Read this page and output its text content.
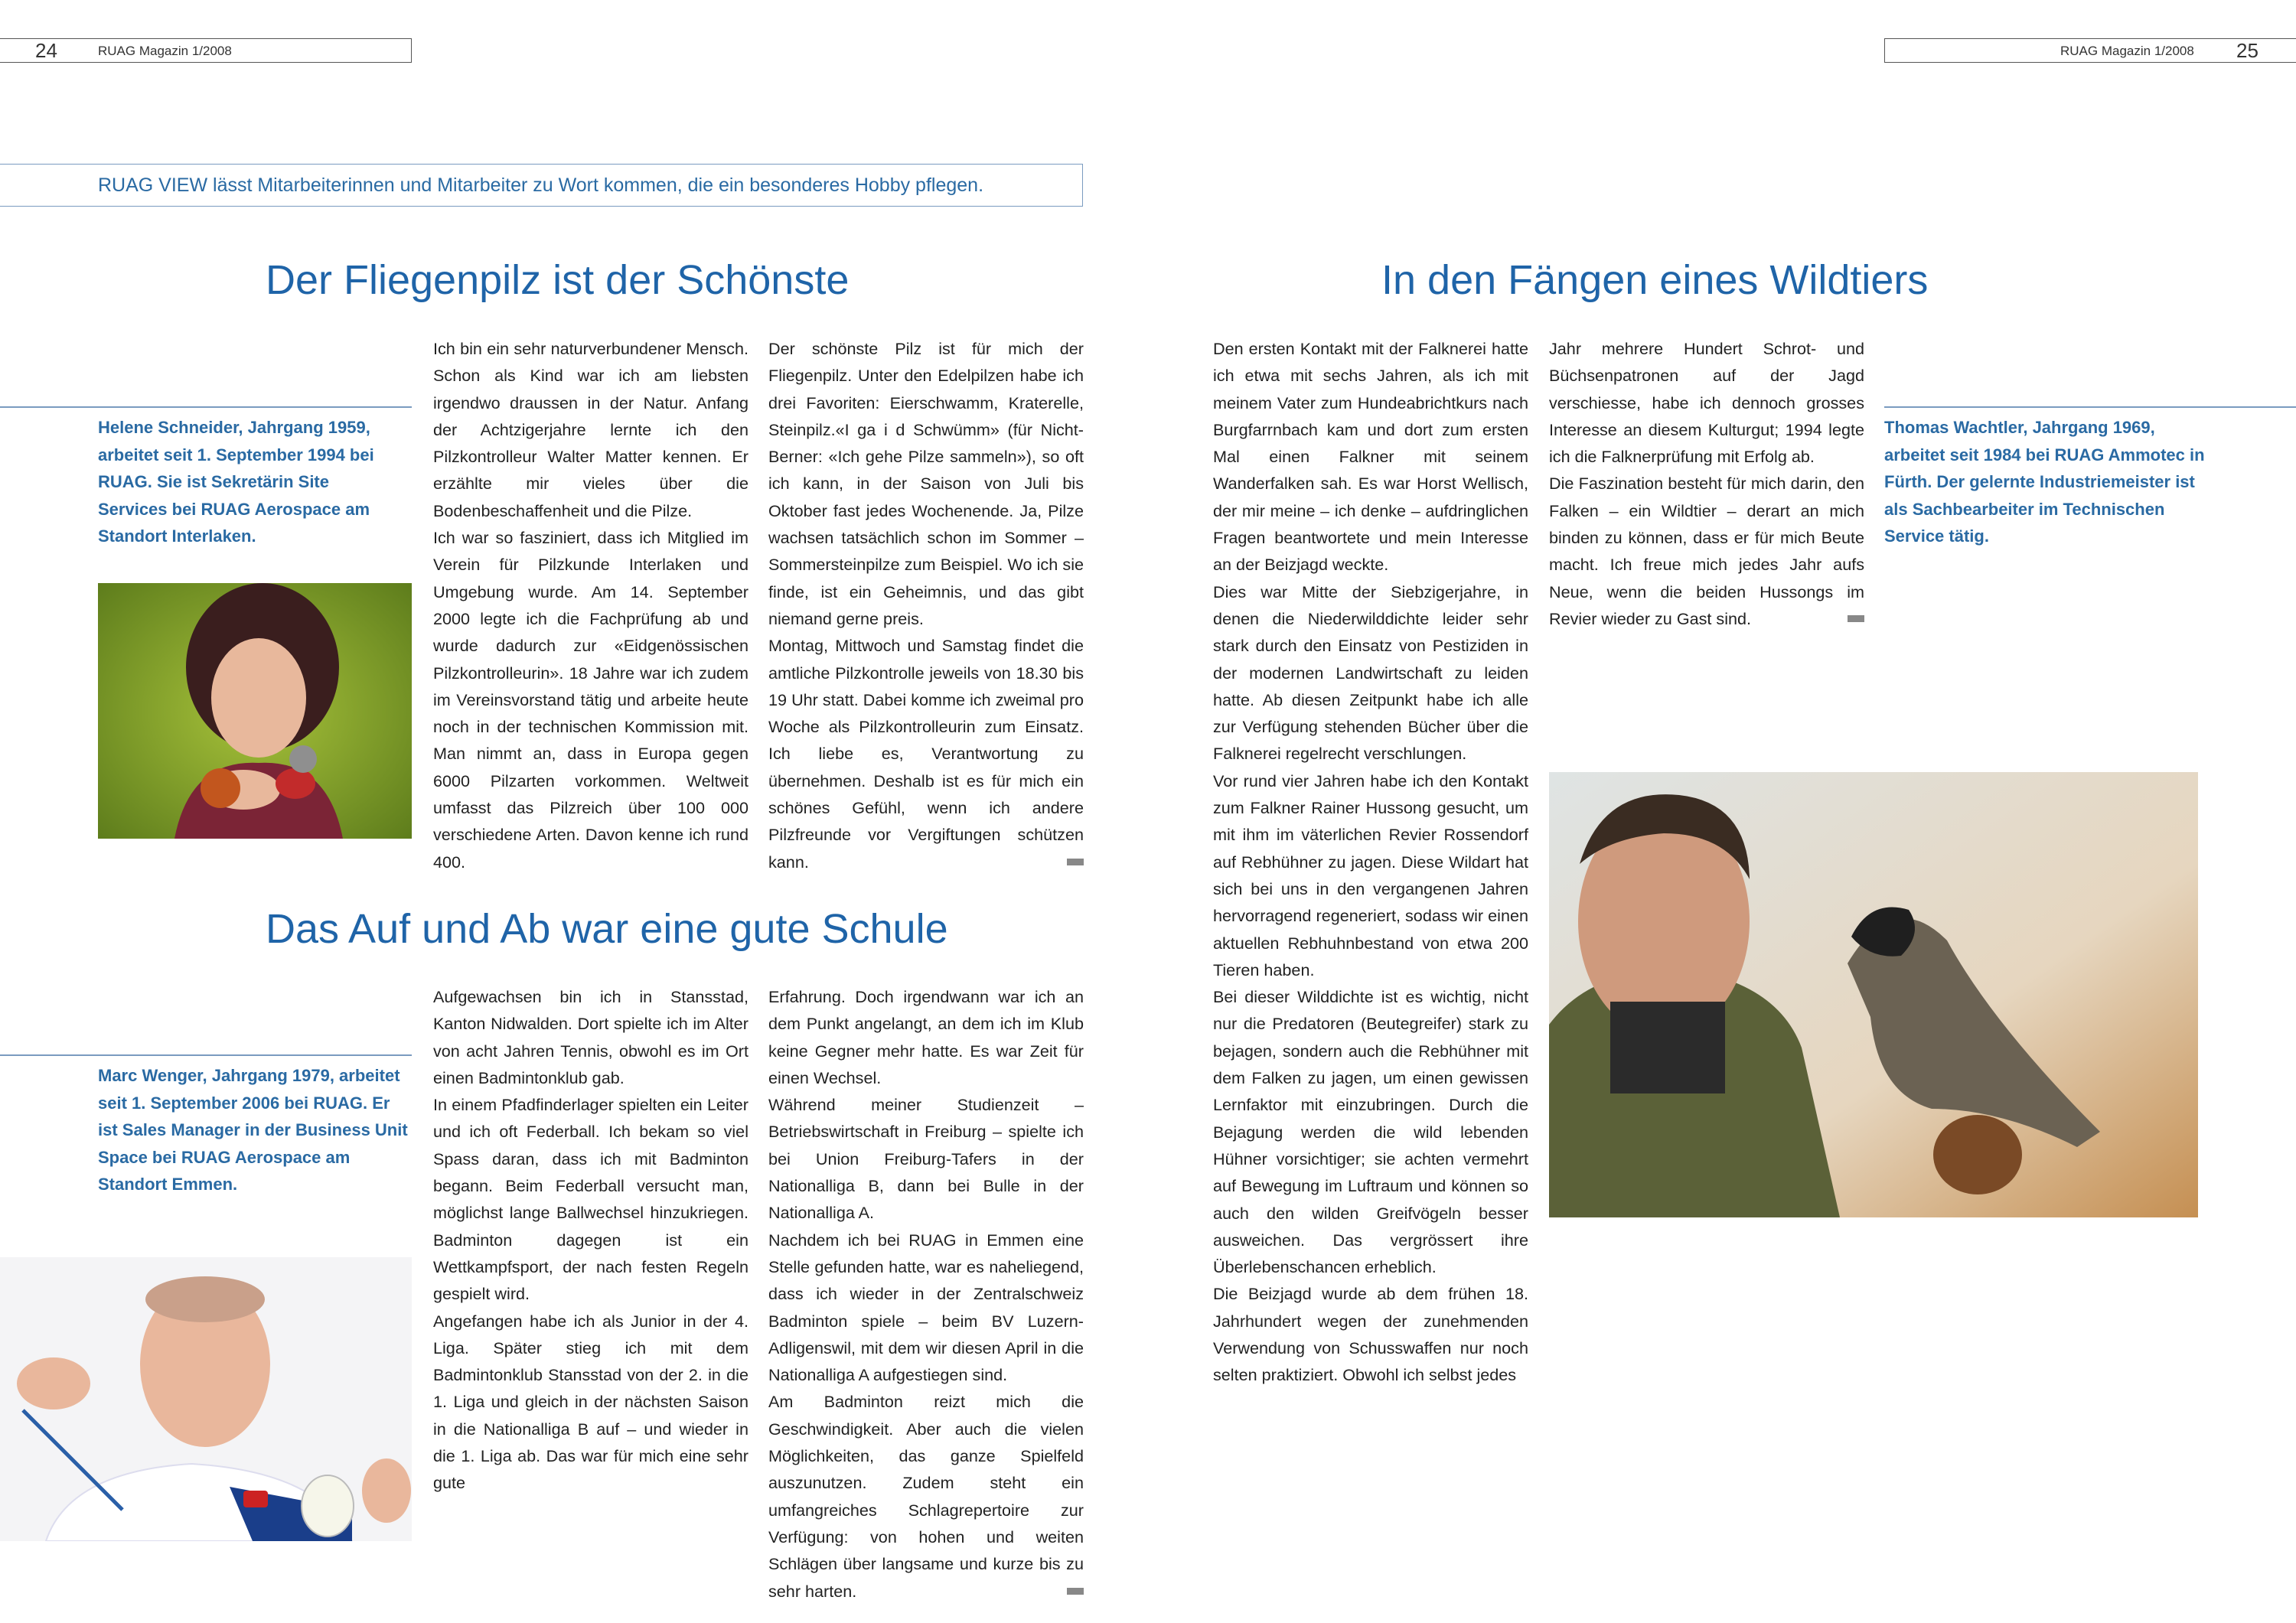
24	RUAG Magazin 1/2008	RUAG Magazin 1/2008 25
RUAG VIEW lässt Mitarbeiterinnen und Mitarbeiter zu Wort kommen, die ein besonderes Hobby pflegen.
Der Fliegenpilz ist der Schönste
Helene Schneider, Jahrgang 1959, arbeitet seit 1. September 1994 bei RUAG. Sie ist Sekretärin Site Services bei RUAG Aerospace am Standort Interlaken.

Ich bin ein sehr naturverbundener Mensch. Schon als Kind war ich am liebsten irgendwo draussen in der Natur. Anfang der Achtzigerjahre lernte ich den Pilzkontrolleur Walter Matter kennen. Er erzählte mir vieles über die Bodenbeschaffenheit und die Pilze.

Ich war so fasziniert, dass ich Mitglied im Verein für Pilzkunde Interlaken und Umgebung wurde. Am 14. September 2000 legte ich die Fachprüfung ab und wurde dadurch zur «Eidgenössischen Pilzkontrolleurin». 18 Jahre war ich zudem im Vereinsvorstand tätig und arbeite heute noch in der technischen Kommission mit. Man nimmt an, dass in Europa gegen 6000 Pilzarten vorkommen. Weltweit umfasst das Pilzreich über 100 000 verschiedene Arten. Davon kenne ich rund 400.

Der schönste Pilz ist für mich der Fliegenpilz. Unter den Edelpilzen habe ich drei Favoriten: Eierschwamm, Kraterelle, Steinpilz.«I ga i d Schwümm» (für Nicht-Berner: «Ich gehe Pilze sammeln»), so oft ich kann, in der Saison von Juli bis Oktober fast jedes Wochenende. Ja, Pilze wachsen tatsächlich schon im Sommer – Sommersteinpilze zum Beispiel. Wo ich sie finde, ist ein Geheimnis, und das gibt niemand gerne preis.

Montag, Mittwoch und Samstag findet die amtliche Pilzkontrolle jeweils von 18.30 bis 19 Uhr statt. Dabei komme ich zweimal pro Woche als Pilzkontrolleurin zum Einsatz. Ich liebe es, Verantwortung zu übernehmen. Deshalb ist es für mich ein schönes Gefühl, wenn ich andere Pilzfreunde vor Vergiftungen schützen kann.

Das Auf und Ab war eine gute Schule
Marc Wenger, Jahrgang 1979, arbeitet seit 1. September 2006 bei RUAG. Er ist Sales Manager in der Business Unit Space bei RUAG Aerospace am Standort Emmen.

Aufgewachsen bin ich in Stansstad, Kanton Nidwalden. Dort spielte ich im Alter von acht Jahren Tennis, obwohl es im Ort einen Badmintonklub gab.

In einem Pfadfinderlager spielten ein Leiter und ich oft Federball. Ich bekam so viel Spass daran, dass ich mit Badminton begann. Beim Federball versucht man, möglichst lange Ballwechsel hinzukriegen. Badminton dagegen ist ein Wettkampfsport, der nach festen Regeln gespielt wird.

Angefangen habe ich als Junior in der 4. Liga. Später stieg ich mit dem Badmintonklub Stansstad von der 2. in die 1. Liga und gleich in der nächsten Saison in die Nationalliga B auf – und wieder in die 1. Liga ab. Das war für mich eine sehr gute

Erfahrung. Doch irgendwann war ich an dem Punkt angelangt, an dem ich im Klub keine Gegner mehr hatte. Es war Zeit für einen Wechsel.

Während meiner Studienzeit – Betriebswirtschaft in Freiburg – spielte ich bei Union Freiburg-Tafers in der Nationalliga B, dann bei Bulle in der Nationalliga A.

Nachdem ich bei RUAG in Emmen eine Stelle gefunden hatte, war es naheliegend, dass ich wieder in der Zentralschweiz Badminton spiele – beim BV Luzern-Adligenswil, mit dem wir diesen April in die Nationalliga A aufgestiegen sind.

Am Badminton reizt mich die Geschwindigkeit. Aber auch die vielen Möglichkeiten, das ganze Spielfeld auszunutzen. Zudem steht ein umfangreiches Schlagrepertoire zur Verfügung: von hohen und weiten Schlägen über langsame und kurze bis zu sehr harten.

In den Fängen eines Wildtiers
Thomas Wachtler, Jahrgang 1969, arbeitet seit 1984 bei RUAG Ammotec in Fürth. Der gelernte Industriemeister ist als Sachbearbeiter im Technischen Service tätig.

Den ersten Kontakt mit der Falknerei hatte ich etwa mit sechs Jahren, als ich mit meinem Vater zum Hundeabrichtkurs nach Burgfarrnbach kam und dort zum ersten Mal einen Falkner mit seinem Wanderfalken sah. Es war Horst Wellisch, der mir meine – ich denke – aufdringlichen Fragen beantwortete und mein Interesse an der Beizjagd weckte.

Dies war Mitte der Siebzigerjahre, in denen die Niederwilddichte leider sehr stark durch den Einsatz von Pestiziden in der modernen Landwirtschaft zu leiden hatte. Ab diesen Zeitpunkt habe ich alle zur Verfügung stehenden Bücher über die Falknerei regelrecht verschlungen.

Vor rund vier Jahren habe ich den Kontakt zum Falkner Rainer Hussong gesucht, um mit ihm im väterlichen Revier Rossendorf auf Rebhühner zu jagen. Diese Wildart hat sich bei uns in den vergangenen Jahren hervorragend regeneriert, sodass wir einen aktuellen Rebhuhnbestand von etwa 200 Tieren haben.

Bei dieser Wilddichte ist es wichtig, nicht nur die Predatoren (Beutegreifer) stark zu bejagen, sondern auch die Rebhühner mit dem Falken zu jagen, um einen gewissen Lernfaktor mit einzubringen. Durch die Bejagung werden die wild lebenden Hühner vorsichtiger; sie achten vermehrt auf Bewegung im Luftraum und können so auch den wilden Greifvögeln besser ausweichen. Das vergrössert ihre Überlebenschancen erheblich.

Die Beizjagd wurde ab dem frühen 18. Jahrhundert wegen der zunehmenden Verwendung von Schusswaffen nur noch selten praktiziert. Obwohl ich selbst jedes

Jahr mehrere Hundert Schrot- und Büchsenpatronen auf der Jagd verschiesse, habe ich dennoch grosses Interesse an diesem Kulturgut; 1994 legte ich die Falknerprüfung mit Erfolg ab.

Die Faszination besteht für mich darin, den Falken – ein Wildtier – derart an mich binden zu können, dass er für mich Beute macht. Ich freue mich jedes Jahr aufs Neue, wenn die beiden Hussongs im Revier wieder zu Gast sind.
